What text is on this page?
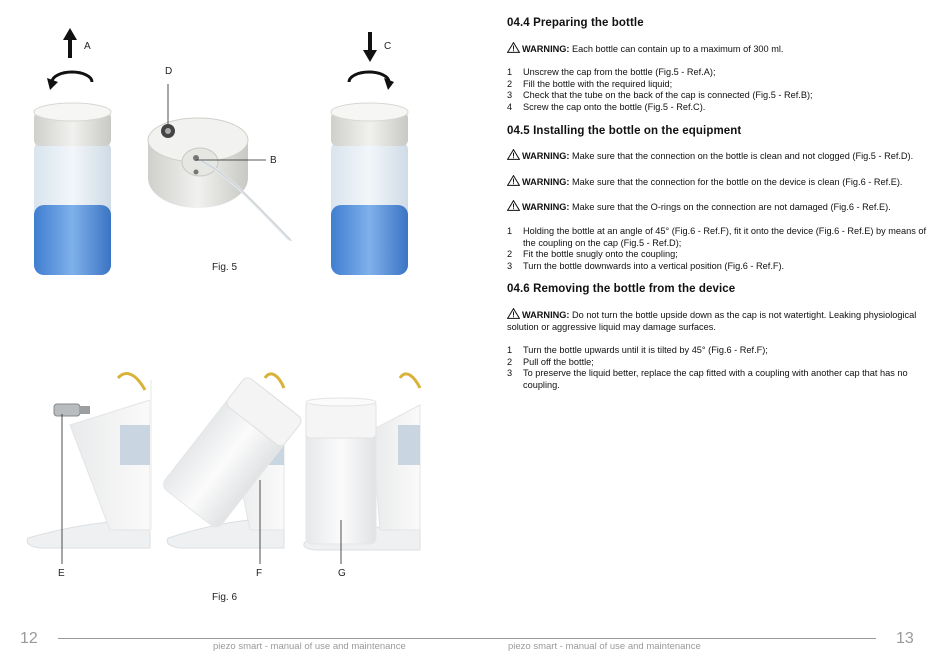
A
D
B
C
Fig. 5
E	F	G
Fig. 6
04.4 Preparing the bottle
WARNING: Each bottle can contain up to a maximum of 300 ml.
1	Unscrew the cap from the bottle (Fig.5 - Ref.A);
2	Fill the bottle with the required liquid;
3	Check that the tube on the back of the cap is connected (Fig.5 - Ref.B);
4	Screw the cap onto the bottle (Fig.5 - Ref.C).
04.5 Installing the bottle on the equipment
WARNING: Make sure that the connection on the bottle is clean and not clogged (Fig.5 - Ref.D).
WARNING: Make sure that the connection for the bottle on the device is clean (Fig.6 - Ref.E).
WARNING: Make sure that the O-rings on the connection are not damaged (Fig.6 - Ref.E).
1	Holding the bottle at an angle of 45° (Fig.6 - Ref.F), fit it onto the device (Fig.6 - Ref.E) by means of the coupling on the cap (Fig.5 - Ref.D);
2	Fit the bottle snugly onto the coupling;
3	Turn the bottle downwards into a vertical position (Fig.6 - Ref.F).
04.6 Removing the bottle from the device
WARNING: Do not turn the bottle upside down as the cap is not watertight. Leaking physiological solution or aggressive liquid may damage surfaces.
1	Turn the bottle upwards until it is tilted by 45° (Fig.6 - Ref.F);
2	Pull off the bottle;
3	To preserve the liquid better, replace the cap fitted with a coupling with another cap that has no coupling.
12	13
piezo smart - manual of use and maintenance	piezo smart - manual of use and maintenance
